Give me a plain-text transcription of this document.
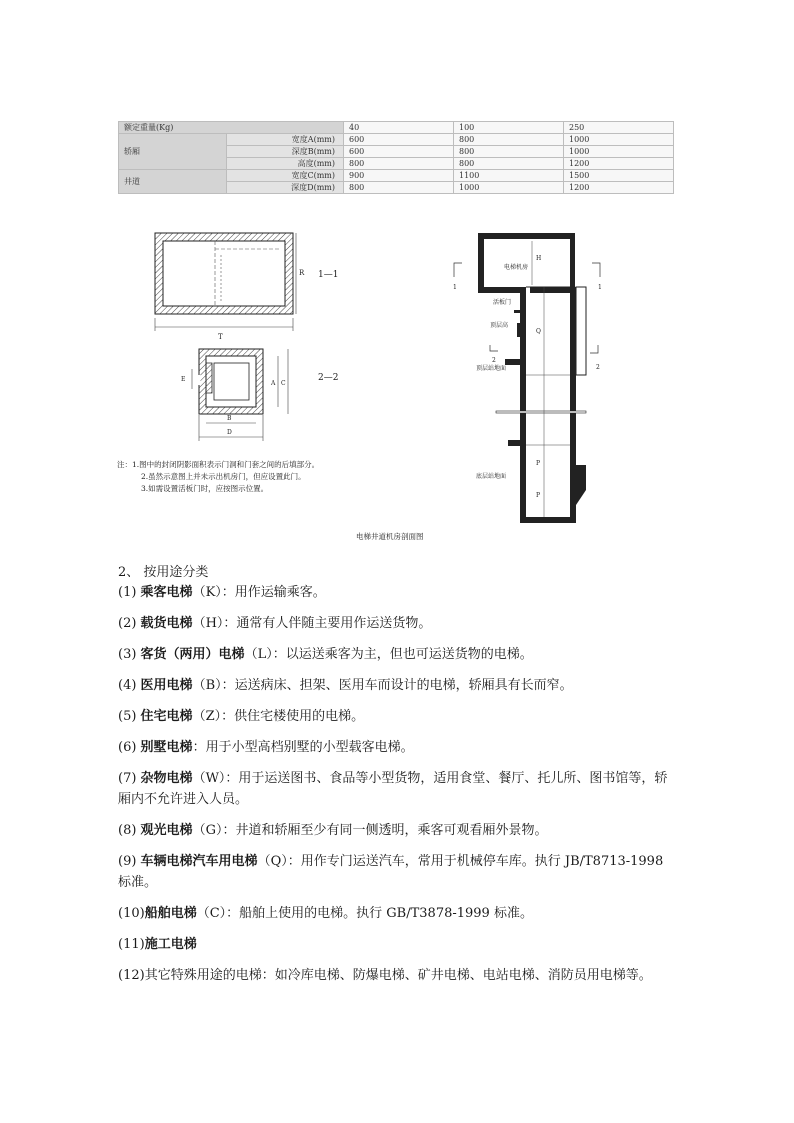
额定重量(Kg)		40	100	250
轿厢	宽度A(mm)	600	800	1000
	深度B(mm)	600	800	1000
	高度(mm)	800	800	1200
井道	宽度C(mm)	900	1100	1500
	深度D(mm)	800	1000	1200
T
R 1—1
E
A C
B
D
2—2
电梯机房
H
活板门
顶层高
Q
顶层站地面
底层站地面
P
P
1	1
2
2
注：1.图中的封闭阴影面积表示门洞和门套之间的后填部分。
2.虽然示意图上并未示出机房门，但应设置此门。
3.如需设置活板门时，应按图示位置。
电梯井道机房剖面图
2、 按用途分类
(1) 乘客电梯（K）：用作运输乘客。
(2) 载货电梯（H）：通常有人伴随主要用作运送货物。
(3) 客货（两用）电梯（L）：以运送乘客为主，但也可运送货物的电梯。
(4) 医用电梯（B）：运送病床、担架、医用车而设计的电梯，轿厢具有长而窄。
(5) 住宅电梯（Z）：供住宅楼使用的电梯。
(6) 别墅电梯：用于小型高档别墅的小型载客电梯。
(7) 杂物电梯（W）：用于运送图书、食品等小型货物，适用食堂、餐厅、托儿所、图书馆等，轿厢内不允许进入人员。
(8) 观光电梯（G）：井道和轿厢至少有同一侧透明，乘客可观看厢外景物。
(9) 车辆电梯汽车用电梯（Q）：用作专门运送汽车，常用于机械停车库。执行 JB/T8713-1998 标准。
(10)船舶电梯（C）：船舶上使用的电梯。执行 GB/T3878-1999 标准。
(11)施工电梯
(12)其它特殊用途的电梯：如冷库电梯、防爆电梯、矿井电梯、电站电梯、消防员用电梯等。
